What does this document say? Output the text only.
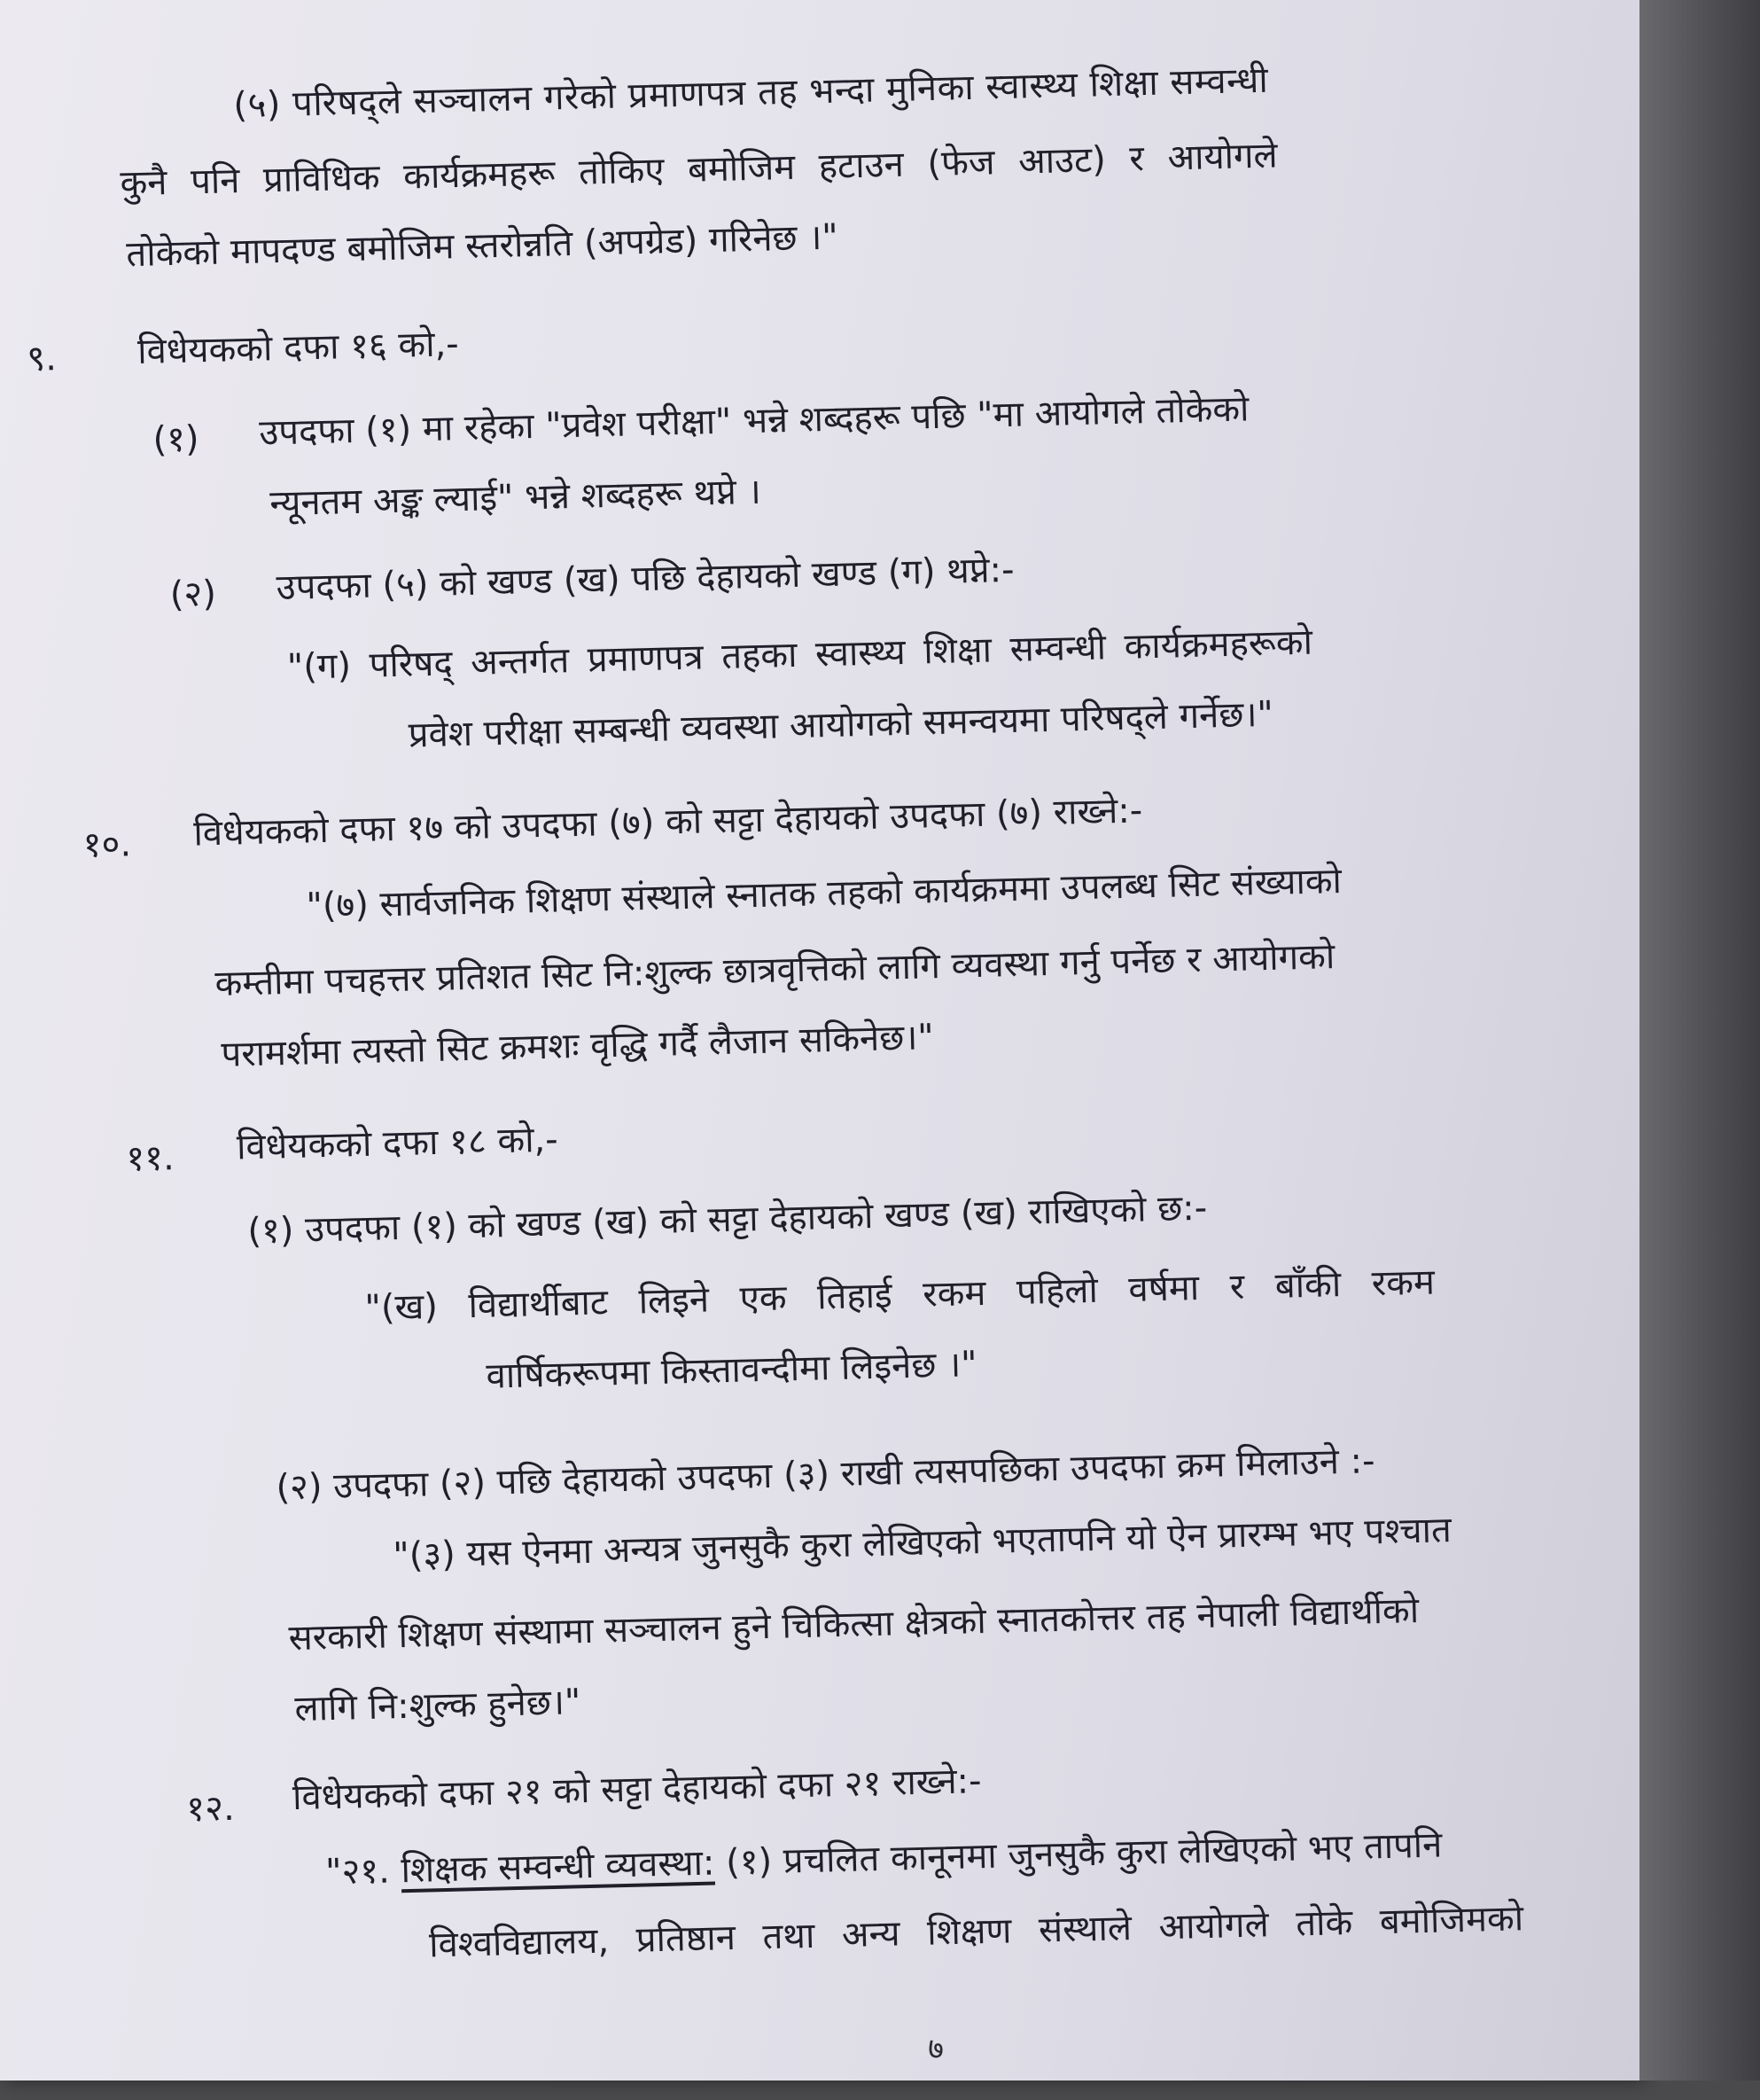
(५) परिषद्ले सञ्चालन गरेको प्रमाणपत्र तह भन्दा मुनिका स्वास्थ्य शिक्षा सम्वन्धी
कुनै पनि प्राविधिक कार्यक्रमहरू तोकिए बमोजिम हटाउन (फेज आउट) र आयोगले
तोकेको मापदण्ड बमोजिम स्तरोन्नति (अपग्रेड) गरिनेछ ।"
९. विधेयकको दफा १६ को,-
(१) उपदफा (१) मा रहेका "प्रवेश परीक्षा" भन्ने शब्दहरू पछि "मा आयोगले तोकेको
न्यूनतम अङ्क ल्याई" भन्ने शब्दहरू थप्ने ।
(२) उपदफा (५) को खण्ड (ख) पछि देहायको खण्ड (ग) थप्ने:-
"(ग) परिषद् अन्तर्गत प्रमाणपत्र तहका स्वास्थ्य शिक्षा सम्वन्धी कार्यक्रमहरूको
प्रवेश परीक्षा सम्बन्धी व्यवस्था आयोगको समन्वयमा परिषद्ले गर्नेछ।"
१०. विधेयकको दफा १७ को उपदफा (७) को सट्टा देहायको उपदफा (७) राख्ने:-
"(७) सार्वजनिक शिक्षण संस्थाले स्नातक तहको कार्यक्रममा उपलब्ध सिट संख्याको
कम्तीमा पचहत्तर प्रतिशत सिट नि:शुल्क छात्रवृत्तिको लागि व्यवस्था गर्नु पर्नेछ र आयोगको
परामर्शमा त्यस्तो सिट क्रमशः वृद्धि गर्दै लैजान सकिनेछ।"
११. विधेयकको दफा १८ को,-
(१) उपदफा (१) को खण्ड (ख) को सट्टा देहायको खण्ड (ख) राखिएको छ:-
"(ख) विद्यार्थीबाट लिइने एक तिहाई रकम पहिलो वर्षमा र बाँकी रकम
वार्षिकरूपमा किस्तावन्दीमा लिइनेछ ।"
(२) उपदफा (२) पछि देहायको उपदफा (३) राखी त्यसपछिका उपदफा क्रम मिलाउने :-
"(३) यस ऐनमा अन्यत्र जुनसुकै कुरा लेखिएको भएतापनि यो ऐन प्रारम्भ भए पश्चात
सरकारी शिक्षण संस्थामा सञ्चालन हुने चिकित्सा क्षेत्रको स्नातकोत्तर तह नेपाली विद्यार्थीको
लागि नि:शुल्क हुनेछ।"
१२. विधेयकको दफा २१ को सट्टा देहायको दफा २१ राख्ने:-
"२१. शिक्षक सम्वन्धी व्यवस्था: (१) प्रचलित कानूनमा जुनसुकै कुरा लेखिएको भए तापनि
विश्वविद्यालय, प्रतिष्ठान तथा अन्य शिक्षण संस्थाले आयोगले तोके बमोजिमको
७
